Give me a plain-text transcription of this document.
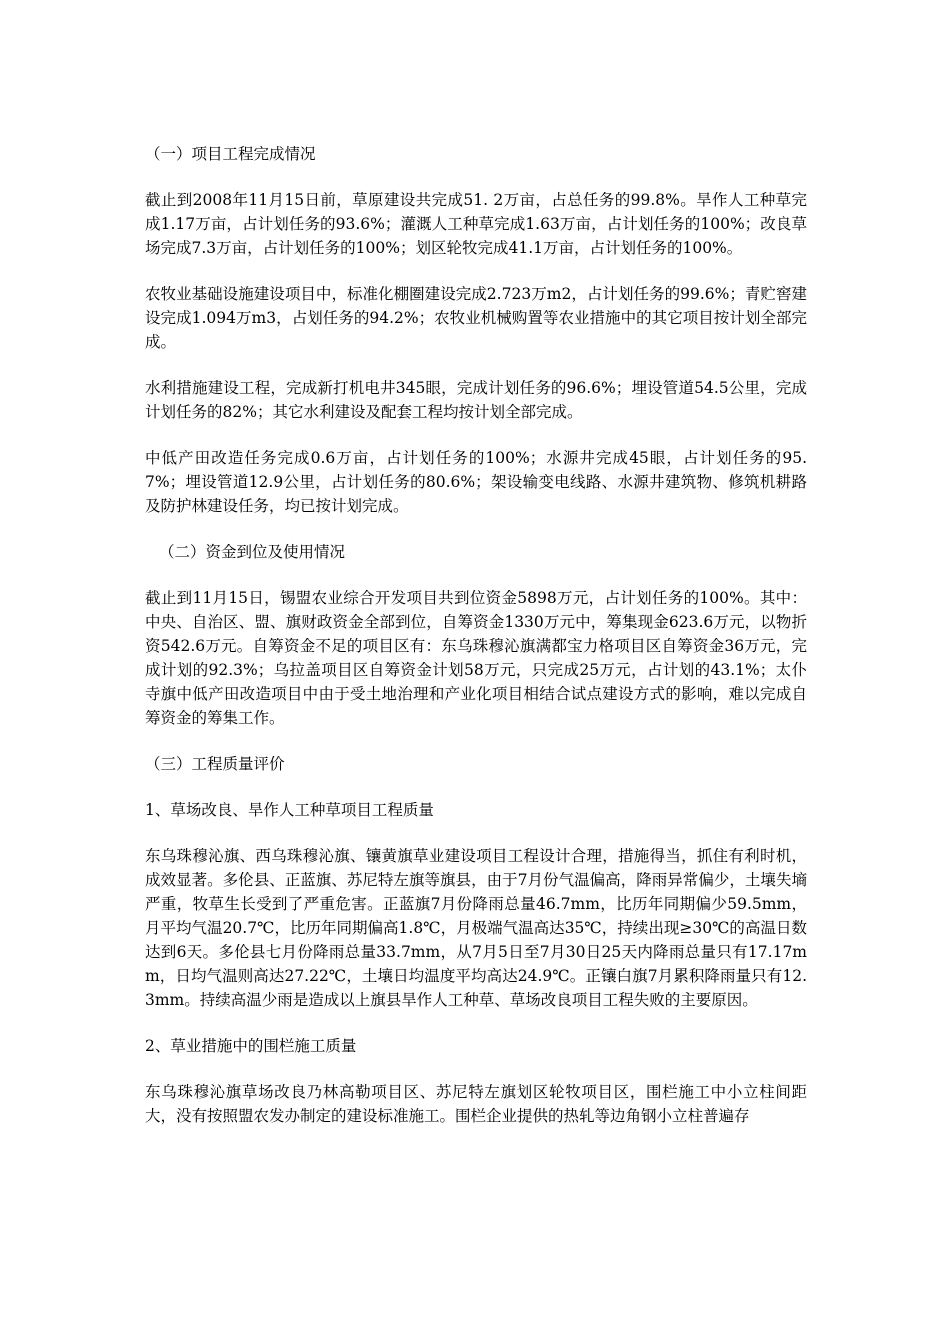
（一）项目工程完成情况

截止到2008年11月15日前，草原建设共完成51. 2万亩，占总任务的99.8%。旱作人工种草完成1.17万亩，占计划任务的93.6%；灌溉人工种草完成1.63万亩，占计划任务的100%；改良草场完成7.3万亩，占计划任务的100%；划区轮牧完成41.1万亩，占计划任务的100%。

农牧业基础设施建设项目中，标准化棚圈建设完成2.723万m2，占计划任务的99.6%；青贮窖建设完成1.094万m3，占划任务的94.2%；农牧业机械购置等农业措施中的其它项目按计划全部完成。

水利措施建设工程，完成新打机电井345眼，完成计划任务的96.6%；埋设管道54.5公里，完成计划任务的82%；其它水利建设及配套工程均按计划全部完成。

中低产田改造任务完成0.6万亩，占计划任务的100%；水源井完成45眼，占计划任务的95.7%；埋设管道12.9公里，占计划任务的80.6%；架设输变电线路、水源井建筑物、修筑机耕路及防护林建设任务，均已按计划完成。

（二）资金到位及使用情况

截止到11月15日，锡盟农业综合开发项目共到位资金5898万元，占计划任务的100%。其中：中央、自治区、盟、旗财政资金全部到位，自筹资金1330万元中，筹集现金623.6万元，以物折资542.6万元。自筹资金不足的项目区有：东乌珠穆沁旗满都宝力格项目区自筹资金36万元，完成计划的92.3%；乌拉盖项目区自筹资金计划58万元，只完成25万元，占计划的43.1%；太仆寺旗中低产田改造项目中由于受土地治理和产业化项目相结合试点建设方式的影响，难以完成自筹资金的筹集工作。

（三）工程质量评价

1、草场改良、旱作人工种草项目工程质量

东乌珠穆沁旗、西乌珠穆沁旗、镶黄旗草业建设项目工程设计合理，措施得当，抓住有利时机，成效显著。多伦县、正蓝旗、苏尼特左旗等旗县，由于7月份气温偏高，降雨异常偏少，土壤失墒严重，牧草生长受到了严重危害。正蓝旗7月份降雨总量46.7mm，比历年同期偏少59.5mm，月平均气温20.7℃，比历年同期偏高1.8℃，月极端气温高达35℃，持续出现≥30℃的高温日数达到6天。多伦县七月份降雨总量33.7mm，从7月5日至7月30日25天内降雨总量只有17.17mm，日均气温则高达27.22℃，土壤日均温度平均高达24.9℃。正镶白旗7月累积降雨量只有12.3mm。持续高温少雨是造成以上旗县旱作人工种草、草场改良项目工程失败的主要原因。

2、草业措施中的围栏施工质量

东乌珠穆沁旗草场改良乃林高勒项目区、苏尼特左旗划区轮牧项目区，围栏施工中小立柱间距大，没有按照盟农发办制定的建设标准施工。围栏企业提供的热轧等边角钢小立柱普遍存
